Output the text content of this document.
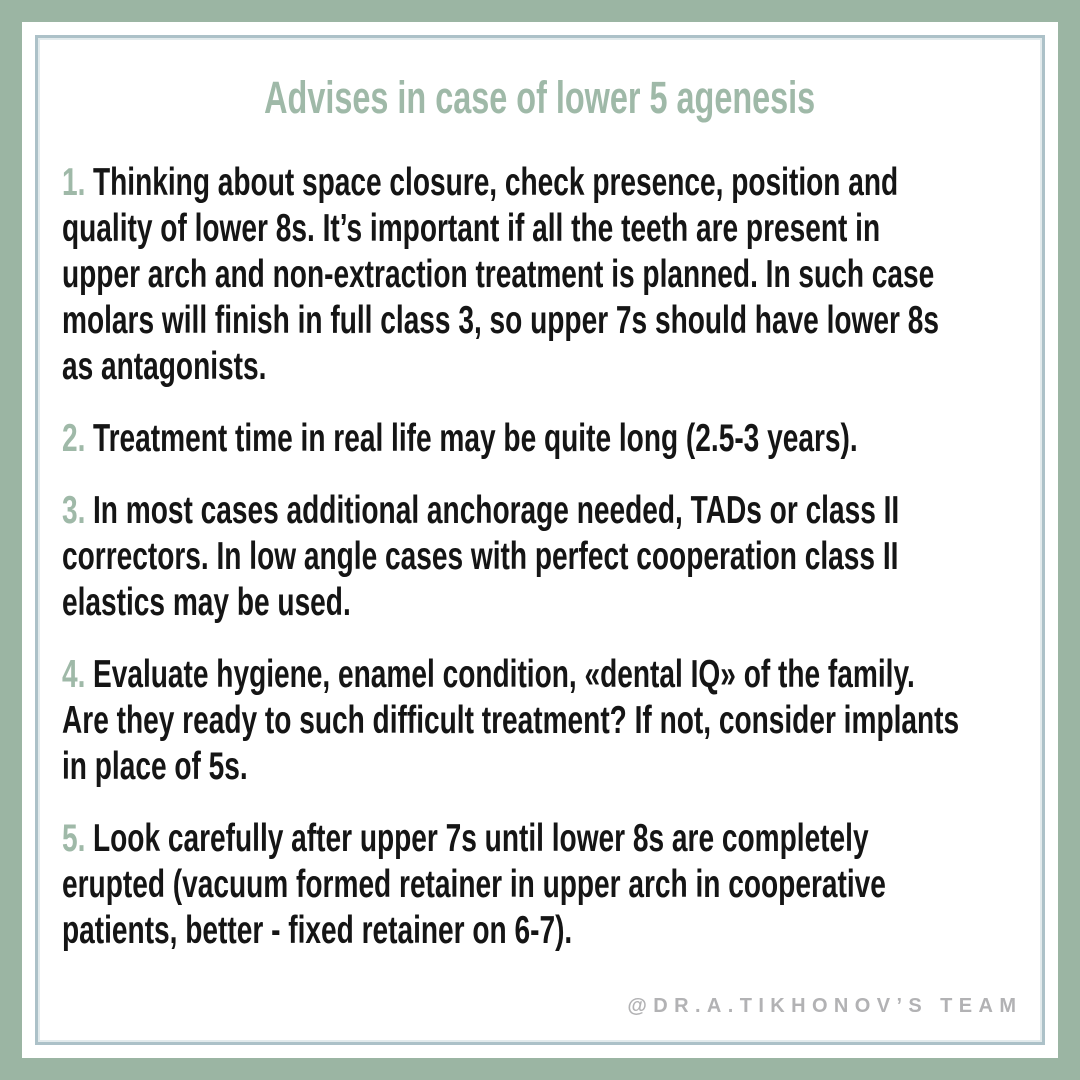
Advises in case of lower 5 agenesis
1. Thinking about space closure, check presence, position and
quality of lower 8s. It’s important if all the teeth are present in
upper arch and non-extraction treatment is planned. In such case
molars will finish in full class 3, so upper 7s should have lower 8s
as antagonists.
2. Treatment time in real life may be quite long (2.5-3 years).
3. In most cases additional anchorage needed, TADs or class II
correctors. In low angle cases with perfect cooperation class II
elastics may be used.
4. Evaluate hygiene, enamel condition, «dental IQ» of the family.
Are they ready to such difficult treatment? If not, consider implants
in place of 5s.
5. Look carefully after upper 7s until lower 8s are completely
erupted (vacuum formed retainer in upper arch in cooperative
patients, better - fixed retainer on 6-7).
@DR.A.TIKHONOV’S TEAM
